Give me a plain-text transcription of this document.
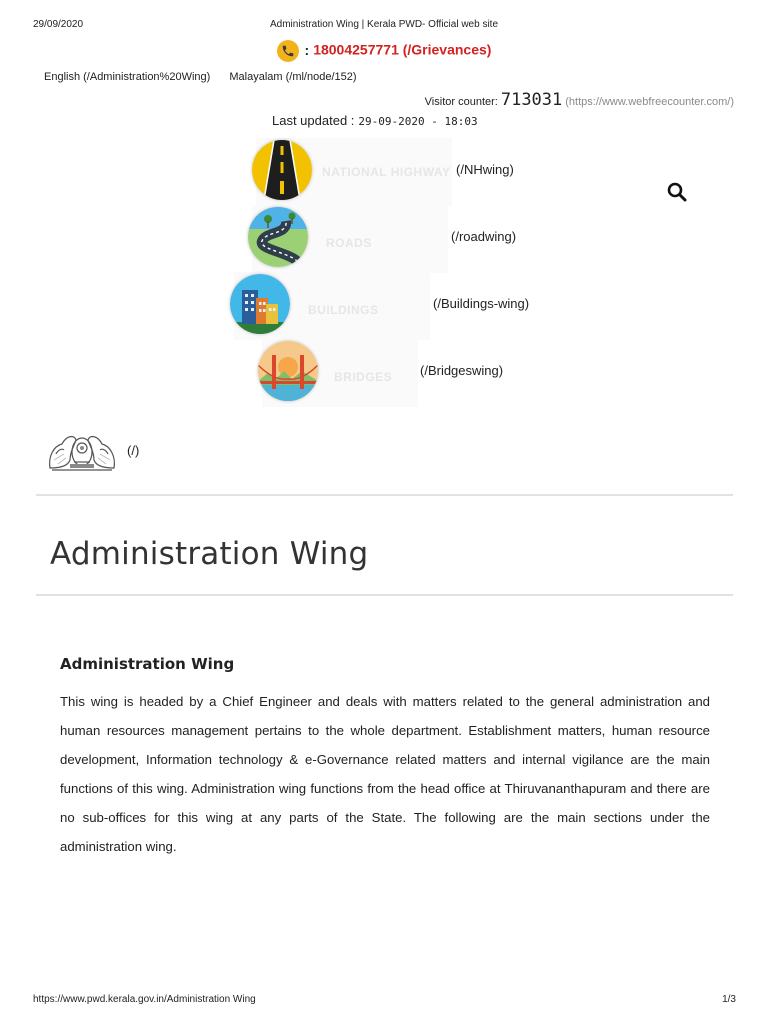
29/09/2020	Administration Wing | Kerala PWD- Official web site
: 18004257771 (/Grievances)
English (/Administration%20Wing) Malayalam (/ml/node/152)
Visitor counter: 713031 (https://www.webfreecounter.com/)
Last updated : 29-09-2020 - 18:03
NATIONAL HIGHWAY (/NHwing)
ROADS	(/roadwing)
BUILDINGS	(/Buildings-wing)
BRIDGES (/Bridgeswing)
(/)
Administration Wing
Administration Wing

This wing is headed by a Chief Engineer and deals with matters related to the general administration and human resources management pertains to the whole department. Establishment matters, human resource development, Information technology & e-Governance related matters and internal vigilance are the main functions of this wing. Administration wing functions from the head office at Thiruvananthapuram and there are no sub-offices for this wing at any parts of the State. The following are the main sections under the administration wing.

https://www.pwd.kerala.gov.in/Administration Wing	1/3
